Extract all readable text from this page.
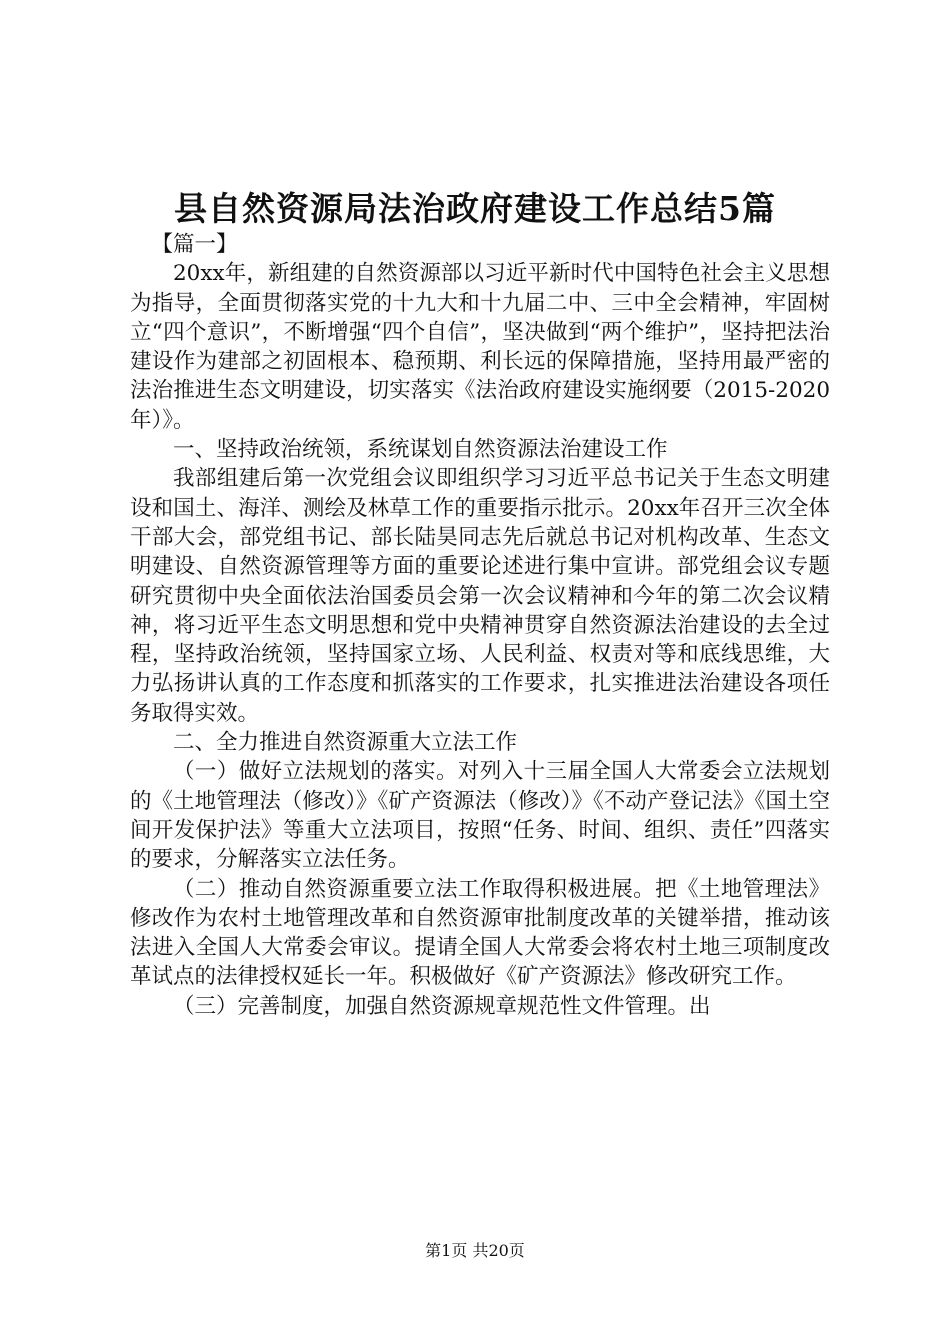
县自然资源局法治政府建设工作总结5篇

【篇一】

20xx年，新组建的自然资源部以习近平新时代中国特色社会主义思想为指导，全面贯彻落实党的十九大和十九届二中、三中全会精神，牢固树立“四个意识”，不断增强“四个自信”，坚决做到“两个维护”，坚持把法治建设作为建部之初固根本、稳预期、利长远的保障措施，坚持用最严密的法治推进生态文明建设，切实落实《法治政府建设实施纲要（2015-2020年）》。

一、坚持政治统领，系统谋划自然资源法治建设工作

我部组建后第一次党组会议即组织学习习近平总书记关于生态文明建设和国土、海洋、测绘及林草工作的重要指示批示。20xx年召开三次全体干部大会，部党组书记、部长陆昊同志先后就总书记对机构改革、生态文明建设、自然资源管理等方面的重要论述进行集中宣讲。部党组会议专题研究贯彻中央全面依法治国委员会第一次会议精神和今年的第二次会议精神，将习近平生态文明思想和党中央精神贯穿自然资源法治建设的去全过程，坚持政治统领，坚持国家立场、人民利益、权责对等和底线思维，大力弘扬讲认真的工作态度和抓落实的工作要求，扎实推进法治建设各项任务取得实效。

二、全力推进自然资源重大立法工作

（一）做好立法规划的落实。对列入十三届全国人大常委会立法规划的《土地管理法（修改）》《矿产资源法（修改）》《不动产登记法》《国土空间开发保护法》等重大立法项目，按照“任务、时间、组织、责任”四落实的要求，分解落实立法任务。

（二）推动自然资源重要立法工作取得积极进展。把《土地管理法》修改作为农村土地管理改革和自然资源审批制度改革的关键举措，推动该法进入全国人大常委会审议。提请全国人大常委会将农村土地三项制度改革试点的法律授权延长一年。积极做好《矿产资源法》修改研究工作。

（三）完善制度，加强自然资源规章规范性文件管理。出

第1页 共20页
